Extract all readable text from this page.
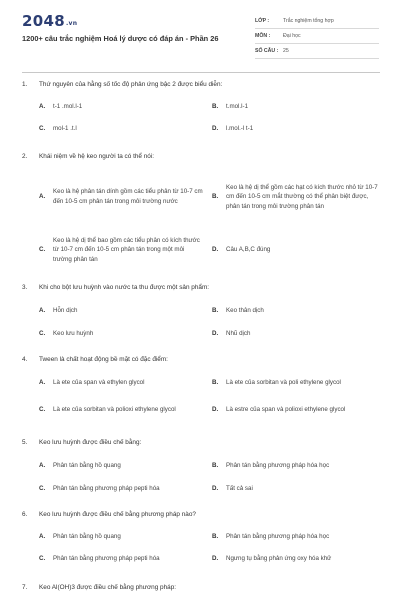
2048.vn
1200+ câu trắc nghiệm Hoá lý dược có đáp án - Phần 26
LỚP :	Trắc nghiệm tổng hợp
MÔN :	Đại học
SỐ CÂU : 25
1.	Thứ nguyên của hằng số tốc độ phản ứng bậc 2 được biểu diễn:
A.	t-1 .mol.l-1	B.	t.mol.l-1
C.	mol-1 .t.l	D.	l.mol.-l t-1
2.	Khái niệm về hệ keo người ta có thể nói:
A.
Keo là hệ phân tán dính gồm các tiểu phân từ 10-7 cm đến 10-5 cm phân tán trong môi trường nước
B.
Keo là hệ dị thể gồm các hạt có kích thước nhỏ từ 10-7 cm đến 10-5 cm mắt thường có thể phân biệt được, phân tán trong môi trường phân tán
C.
Keo là hệ dị thể bao gồm các tiểu phân có kích thước từ 10-7 cm đến 10-5 cm phân tán trong một môi trường phân tán
D.	Câu A,B,C đúng
3.	Khi cho bột lưu huỳnh vào nước ta thu được một sản phẩm:
A.	Hỗn dịch	B.	Keo thân dịch
C.	Keo lưu huỳnh	D.	Nhũ dịch
4.	Tween là chất hoạt động bề mặt có đặc điểm:
A.	Là ete của span và ethylen glycol	B.	Là ete của sorbitan và poli ethylene glycol
C.	Là ete của sorbitan và polioxi ethylene glycol	D.	Là estre của span và polioxi ethylene glycol
5.	Keo lưu huỳnh được điều chế bằng:
A.	Phân tán bằng hồ quang	B.	Phân tán bằng phương pháp hóa học
C.	Phân tán bằng phương pháp pepti hóa	D.	Tất cả sai
6.	Keo lưu huỳnh được điều chế bằng phương pháp nào?
A.	Phân tán bằng hồ quang	B.	Phân tán bằng phương pháp hóa học
C.	Phân tán bằng phương pháp pepti hóa	D.	Ngưng tụ bằng phản ứng oxy hóa khử
7.	Keo Al(OH)3 được điều chế bằng phương pháp:
